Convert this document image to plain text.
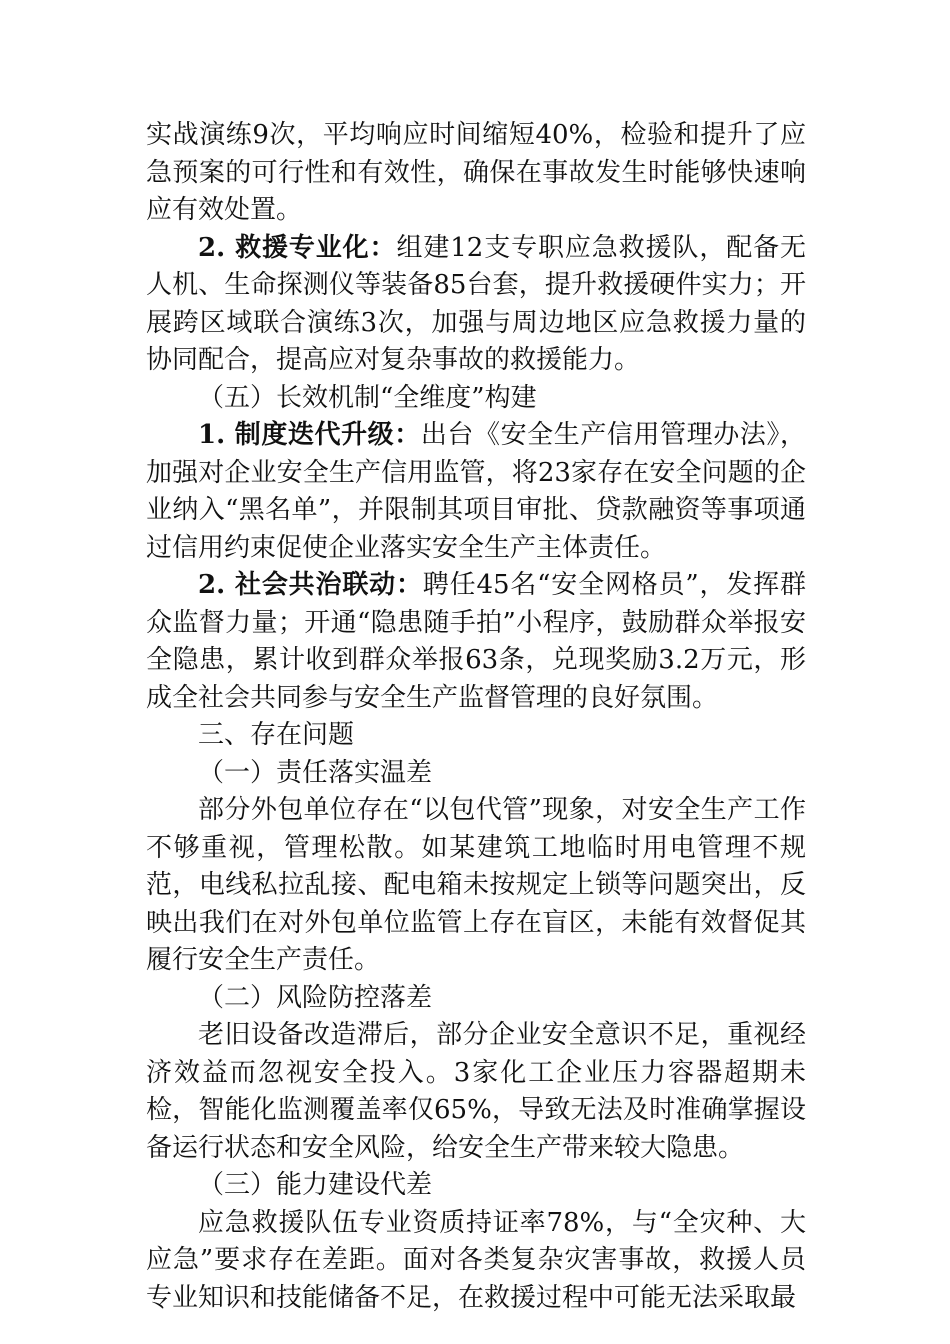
实战演练9次，平均响应时间缩短40%，检验和提升了应急预案的可行性和有效性，确保在事故发生时能够快速响应有效处置。

2. 救援专业化：组建12支专职应急救援队，配备无人机、生命探测仪等装备85台套，提升救援硬件实力；开展跨区域联合演练3次，加强与周边地区应急救援力量的协同配合，提高应对复杂事故的救援能力。

（五）长效机制“全维度”构建

1. 制度迭代升级：出台《安全生产信用管理办法》，加强对企业安全生产信用监管，将23家存在安全问题的企业纳入“黑名单”，并限制其项目审批、贷款融资等事项通过信用约束促使企业落实安全生产主体责任。

2. 社会共治联动：聘任45名“安全网格员”，发挥群众监督力量；开通“隐患随手拍”小程序，鼓励群众举报安全隐患，累计收到群众举报63条，兑现奖励3.2万元，形成全社会共同参与安全生产监督管理的良好氛围。

三、存在问题

（一）责任落实温差

部分外包单位存在“以包代管”现象，对安全生产工作不够重视，管理松散。如某建筑工地临时用电管理不规范，电线私拉乱接、配电箱未按规定上锁等问题突出，反映出我们在对外包单位监管上存在盲区，未能有效督促其履行安全生产责任。

（二）风险防控落差

老旧设备改造滞后，部分企业安全意识不足，重视经济效益而忽视安全投入。3家化工企业压力容器超期未检，智能化监测覆盖率仅65%，导致无法及时准确掌握设备运行状态和安全风险，给安全生产带来较大隐患。

（三）能力建设代差

应急救援队伍专业资质持证率78%，与“全灾种、大应急”要求存在差距。面对各类复杂灾害事故，救援人员专业知识和技能储备不足，在救援过程中可能无法采取最
